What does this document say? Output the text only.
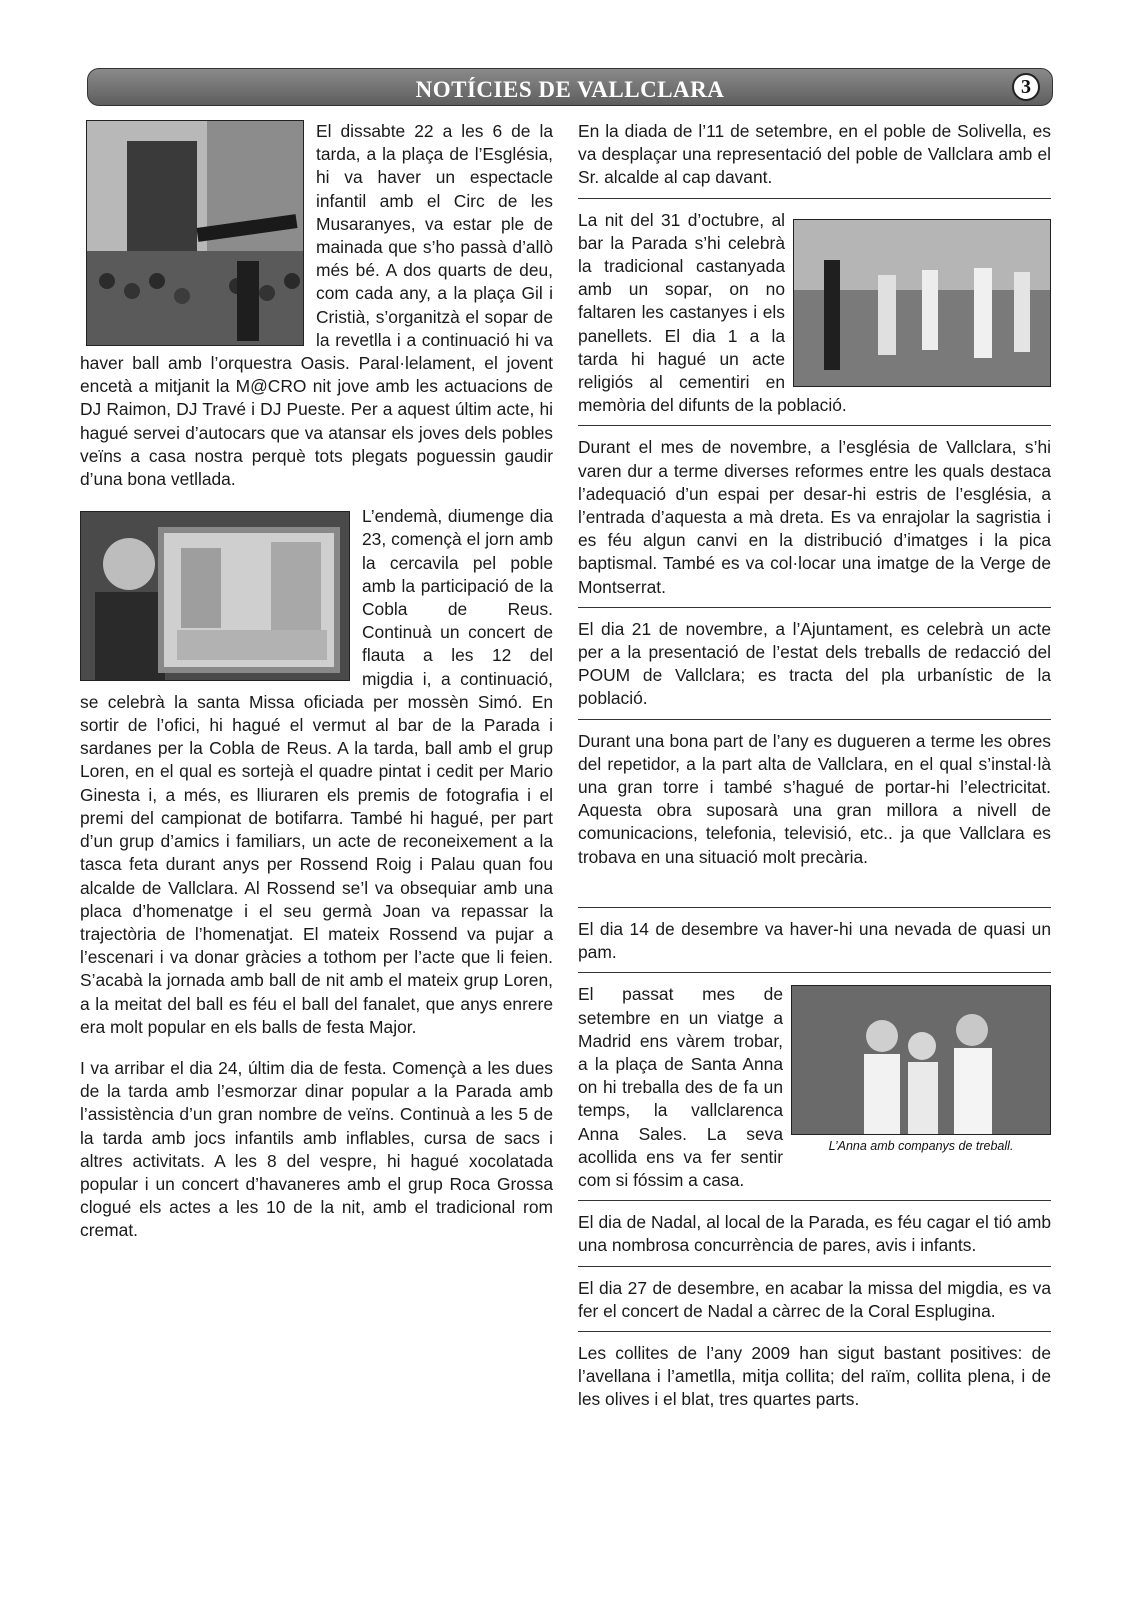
NOTÍCIES DE VALLCLARA	3

El dissabte 22 a les 6 de la tarda, a la plaça de l’Església, hi va haver un espectacle infantil amb el Circ de les Musaranyes, va estar ple de mainada que s’ho passà d’allò més bé. A dos quarts de deu, com cada any, a la plaça Gil i Cristià, s’organitzà el sopar de la revetlla i a continuació hi va haver ball amb l’orquestra Oasis. Paral·lelament, el jovent encetà a mitjanit la M@CRO nit jove amb les actuacions de DJ Raimon, DJ Travé i DJ Pueste. Per a aquest últim acte, hi hagué servei d’autocars que va atansar els joves dels pobles veïns a casa nostra perquè tots plegats poguessin gaudir d’una bona vetllada.

L’endemà, diumenge dia 23, començà el jorn amb la cercavila pel poble amb la participació de la Cobla de Reus. Continuà un concert de flauta a les 12 del migdia i, a continuació, se celebrà la santa Missa oficiada per mossèn Simó. En sortir de l’ofici, hi hagué el vermut al bar de la Parada i sardanes per la Cobla de Reus. A la tarda, ball amb el grup Loren, en el qual es sortejà el quadre pintat i cedit per Mario Ginesta i, a més, es lliuraren els premis de fotografia i el premi del campionat de botifarra. També hi hagué, per part d’un grup d’amics i familiars, un acte de reconeixement a la tasca feta durant anys per Rossend Roig i Palau quan fou alcalde de Vallclara. Al Rossend se’l va obsequiar amb una placa d’homenatge i el seu germà Joan va repassar la trajectòria de l’homenatjat. El mateix Rossend va pujar a l’escenari i va donar gràcies a tothom per l’acte que li feien. S’acabà la jornada amb ball de nit amb el mateix grup Loren, a la meitat del ball es féu el ball del fanalet, que anys enrere era molt popular en els balls de festa Major.

I va arribar el dia 24, últim dia de festa. Començà a les dues de la tarda amb l’esmorzar dinar popular a la Parada amb l’assistència d’un gran nombre de veïns. Continuà a les 5 de la tarda amb jocs infantils amb inflables, cursa de sacs i altres activitats. A les 8 del vespre, hi hagué xocolatada popular i un concert d’havaneres amb el grup Roca Grossa clogué els actes a les 10 de la nit, amb el tradicional rom cremat.

En la diada de l’11 de setembre, en el poble de Solivella, es va desplaçar una representació del poble de Vallclara amb el Sr. alcalde al cap davant.

La nit del 31 d’octubre, al bar la Parada s’hi celebrà la tradicional castanyada amb un sopar, on no faltaren les castanyes i els panellets. El dia 1 a la tarda hi hagué un acte religiós al cementiri en memòria del difunts de la població.

Durant el mes de novembre, a l’església de Vallclara, s’hi varen dur a terme diverses reformes entre les quals destaca l’adequació d’un espai per desar-hi estris de l’església, a l’entrada d’aquesta a mà dreta. Es va enrajolar la sagristia i es féu algun canvi en la distribució d’imatges i la pica baptismal. També es va col·locar una imatge de la Verge de Montserrat.

El dia 21 de novembre, a l’Ajuntament, es celebrà un acte per a la presentació de l’estat dels treballs de redacció del POUM de Vallclara; es tracta del pla urbanístic de la població.

Durant una bona part de l’any es dugueren a terme les obres del repetidor, a la part alta de Vallclara, en el qual s’instal·là una gran torre i també s’hagué de portar-hi l’electricitat. Aquesta obra suposarà una gran millora a nivell de comunicacions, telefonia, televisió, etc.. ja que Vallclara es trobava en una situació molt precària.

El dia 14 de desembre va haver-hi una nevada de quasi un pam.

L’Anna amb companys de treball.

El passat mes de setembre en un viatge a Madrid ens vàrem trobar, a la plaça de Santa Anna on hi treballa des de fa un temps, la vallclarenca Anna Sales. La seva acollida ens va fer sentir com si fóssim a casa.

El dia de Nadal, al local de la Parada, es féu cagar el tió amb una nombrosa concurrència de pares, avis i infants.

El dia 27 de desembre, en acabar la missa del migdia, es va fer el concert de Nadal a càrrec de la Coral Esplugina.

Les collites de l’any 2009 han sigut bastant positives: de l’avellana i l’ametlla, mitja collita; del raïm, collita plena, i de les olives i el blat, tres quartes parts.
